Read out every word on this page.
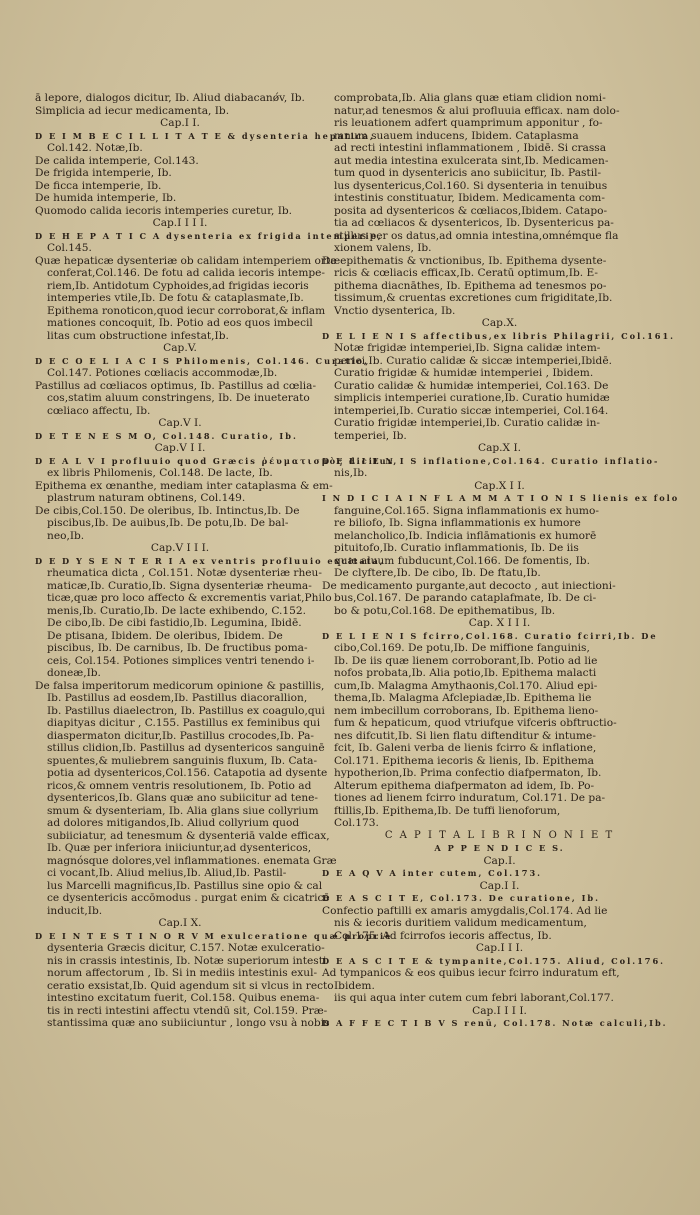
ā lepore, dialogos dicitur, Ib. Aliud diabacanǿv, Ib.
Simplicia ad iecur medicamenta, Ib.
Cap.I I.
D E I M B E C I L L I T A T E & dysenteria hepatica,
Col.142. Notæ,Ib.
De calida intemperie, Col.143.
De frigida intemperie, Ib.
De ficca intemperie, Ib.
De humida intemperie, Ib.
Quomodo calida iecoris intemperies curetur, Ib.
Cap.I I I I.
D E H E P A T I C A dysenteria ex frigida intemperie,
Col.145.
Quæ hepaticæ dysenteriæ ob calidam intemperiem ortæ
conferat,Col.146. De fotu ad calida iecoris intempe-
riem,Ib. Antidotum Cyphoides,ad frigidas iecoris
intemperies vtile,Ib. De fotu & cataplasmate,Ib.
Epithema ronoticon,quod iecur corroborat,& inflam
mationes concoquit, Ib. Potio ad eos quos imbecil
litas cum obstructione infestat,Ib.
Cap.V.
D E C O E L I A C I S Philomenis, Col.146. Curatio,
Col.147. Potiones cœliacis accommodæ,Ib.
Pastillus ad cœliacos optimus, Ib. Pastillus ad cœlia-
cos,statim aluum constringens, Ib. De inueterato
cœliaco affectu, Ib.
Cap.V I.
D E T E N E S M O, Col.148. Curatio, Ib.
Cap.V I I.
D E A L V I profluuio quod Græcis ῥέυματισμὸς dicitur,
ex libris Philomenis, Col.148. De lacte, Ib.
Epithema ex œnanthe, mediam inter cataplasma & em-
plastrum naturam obtinens, Col.149.
De cibis,Col.150. De oleribus, Ib. Intinctus,Ib. De
piscibus,Ib. De auibus,Ib. De potu,Ib. De bal-
neo,Ib.
Cap.V I I I.
D E D Y S E N T E R I A ex ventris profluuio excitata,
rheumatica dicta , Col.151. Notæ dysenteriæ rheu-
maticæ,Ib. Curatio,Ib. Signa dysenteriæ rheuma-
ticæ,quæ pro loco affecto & excrementis variat,Philo
menis,Ib. Curatio,Ib. De lacte exhibendo, C.152.
De cibo,Ib. De cibi fastidio,Ib. Legumina, Ibidē.
De ptisana, Ibidem. De oleribus, Ibidem. De
piscibus, Ib. De carnibus, Ib. De fructibus poma-
ceis, Col.154. Potiones simplices ventri tenendo i-
doneæ,Ib.
De falsa imperitorum medicorum opinione & pastillis,
Ib. Pastillus ad eosdem,Ib. Pastillus diacorallion,
Ib. Pastillus diaelectron, Ib. Pastillus ex coagulo,qui
diapityas dicitur , C.155. Pastillus ex feminibus qui
diaspermaton dicitur,Ib. Pastillus crocodes,Ib. Pa-
stillus clidion,Ib. Pastillus ad dysentericos sanguinē
spuentes,& muliebrem sanguinis fluxum, Ib. Cata-
potia ad dysentericos,Col.156. Catapotia ad dysente
ricos,& omnem ventris resolutionem, Ib. Potio ad
dysentericos,Ib. Glans quæ ano subiicitur ad tene-
smum & dysenteriam, Ib. Alia glans siue collyrium
ad dolores mitigandos,Ib. Aliud collyrium quod
subiiciatur, ad tenesmum & dysenteriā valde efficax,
Ib. Quæ per inferiora iniiciuntur,ad dysentericos,
magnósque dolores,vel inflammationes. enemata Græ
ci vocant,Ib. Aliud melius,Ib. Aliud,Ib. Pastil-
lus Marcelli magnificus,Ib. Pastillus sine opio & cal
ce dysentericis accōmodus . purgat enim & cicatricē
inducit,Ib.
Cap.I X.
D E I N T E S T I N O R V M exulceratione quæ propriè
dysenteria Græcis dicitur, C.157. Notæ exulceratio-
nis in crassis intestinis, Ib. Notæ superiorum intesti
norum affectorum , Ib. Si in mediis intestinis exul-
ceratio exsistat,Ib. Quid agendum sit si vlcus in recto
intestino excitatum fuerit, Col.158. Quibus enema-
tis in recti intestini affectu vtendū sit, Col.159. Præ-
stantissima quæ ano subiiciuntur , longo vsu à nobis
comprobata,Ib. Alia glans quæ etiam clidion nomi-
natur,ad tenesmos & alui profluuia efficax. nam dolo-
ris leuationem adfert quamprimum apponitur , fo-
mnum suauem inducens, Ibidem. Cataplasma
ad recti intestini inflammationem , Ibidē. Si crassa
aut media intestina exulcerata sint,Ib. Medicamen-
tum quod in dysentericis ano subiicitur, Ib. Pastil-
lus dysentericus,Col.160. Si dysenteria in tenuibus
intestinis constituatur, Ibidem. Medicamenta com-
posita ad dysentericos & cœliacos,Ibidem. Catapo-
tia ad cœliacos & dysentericos, Ib. Dysentericus pa-
stillus per os datus,ad omnia intestina,omnémque fla
xionem valens, Ib.
De epithematis & vnctionibus, Ib. Epithema dysente-
ricis & cœliacis efficax,Ib. Ceratū optimum,Ib. E-
pithema diacnāthes, Ib. Epithema ad tenesmos po-
tissimum,& cruentas excretiones cum frigiditate,Ib.
Vnctio dysenterica, Ib.
Cap.X.
D E L I E N I S affectibus,ex libris Philagrii, Col.161.
Notæ frigidæ intemperiei,Ib. Signa calidæ intem-
periei,Ib. Curatio calidæ & siccæ intemperiei,Ibidē.
Curatio frigidæ & humidæ intemperiei , Ibidem.
Curatio calidæ & humidæ intemperiei, Col.163. De
simplicis intemperiei curatione,Ib. Curatio humidæ
intemperiei,Ib. Curatio siccæ intemperiei, Col.164.
Curatio frigidæ intemperiei,Ib. Curatio calidæ in-
temperiei, Ib.
Cap.X I.
D E L I E N I S inflatione,Col.164. Curatio inflatio-
nis,Ib.
Cap.X I I.
I N D I C I A I N F L A M M A T I O N I S lienis ex folo
fanguine,Col.165. Signa inflammationis ex humo-
re biliofo, Ib. Signa inflammationis ex humore
melancholico,Ib. Indicia inflāmationis ex humorē
pituitofo,Ib. Curatio inflammationis, Ib. De iis
quæ aluum fubducunt,Col.166. De fomentis, Ib.
De clyftere,Ib. De cibo, Ib. De ftatu,Ib.
De medicamento purgante,aut decocto , aut iniectioni-
bus,Col.167. De parando cataplafmate, Ib. De ci-
bo & potu,Col.168. De epithematibus, Ib.
Cap. X I I I.
D E L I E N I S fcirro,Col.168. Curatio fcirri,Ib. De
cibo,Col.169. De potu,Ib. De miffione fanguinis,
Ib. De iis quæ lienem corroborant,Ib. Potio ad lie
nofos probata,Ib. Alia potio,Ib. Epithema malacti
cum,Ib. Malagma Amythaonis,Col.170. Aliud epi-
thema,Ib. Malagma Afclepiadæ,Ib. Epithema lie
nem imbecillum corroborans, Ib. Epithema lieno-
fum & hepaticum, quod vtriufque vifceris obftructio-
nes difcutit,Ib. Si lien flatu diftenditur & intume-
fcit, Ib. Galeni verba de lienis fcirro & inflatione,
Col.171. Epithema iecoris & lienis, Ib. Epithema
hypotherion,Ib. Prima confectio diafpermaton, Ib.
Alterum epithema diafpermaton ad idem, Ib. Po-
tiones ad lienem fcirro induratum, Col.171. De pa-
ftillis,Ib. Epithema,Ib. De tuffi lienoforum,
Col.173.
C A P I T A L I B R I N O N I E T
A P P E N D I C E S.
Cap.I.
D E A Q V A inter cutem, Col.173.
Cap.I I.
D E A S C I T E, Col.173. De curatione, Ib.
Confectio paftilli ex amaris amygdalis,Col.174. Ad lie
nis & iecoris duritiem validum medicamentum,
Col.175. Ad fcirrofos iecoris affectus, Ib.
Cap.I I I.
D E A S C I T E & tympanite,Col.175. Aliud, Col.176.
Ad tympanicos & eos quibus iecur fcirro induratum eft,
Ibidem.
iis qui aqua inter cutem cum febri laborant,Col.177.
Cap.I I I I.
D A F F E C T I B V S renū, Col.178. Notæ calculi,Ib.
